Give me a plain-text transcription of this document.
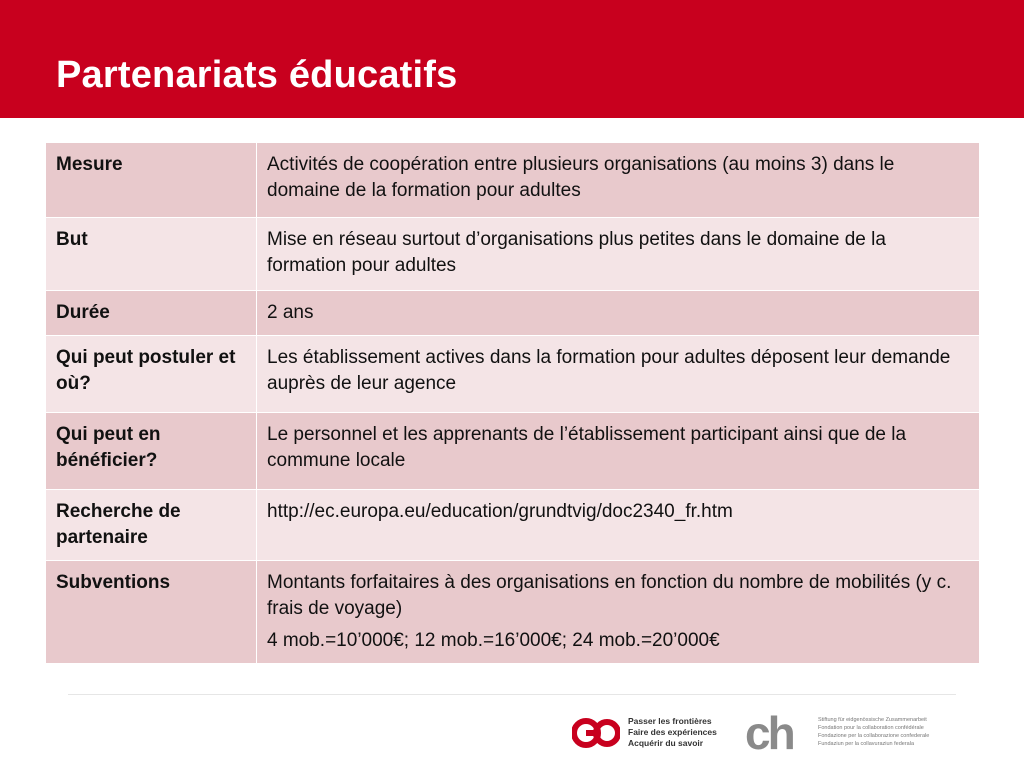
Partenariats éducatifs
Mesure	Activités de coopération entre plusieurs organisations (au moins 3) dans le domaine de la formation pour adultes
But	Mise en réseau surtout d’organisations plus petites dans le domaine de la formation pour adultes
Durée	2 ans
Qui peut postuler et où?	Les établissement actives dans la formation pour adultes déposent leur demande auprès de leur agence
Qui peut en bénéficier?	Le personnel et les apprenants de l’établissement participant ainsi que de la commune locale
Recherche de partenaire	http://ec.europa.eu/education/grundtvig/doc2340_fr.htm
Subventions	Montants forfaitaires à des organisations en fonction du nombre de mobilités (y c. frais de voyage)
4 mob.=10’000€; 12 mob.=16’000€; 24 mob.=20’000€
Passer les frontières
Faire des expériences
Acquérir du savoir ch	Stiftung für eidgenössische Zusammenarbeit
Fondation pour la collaboration confédérale
Fondazione per la collaborazione confederale
Fundaziun per la collavuraziun federala
